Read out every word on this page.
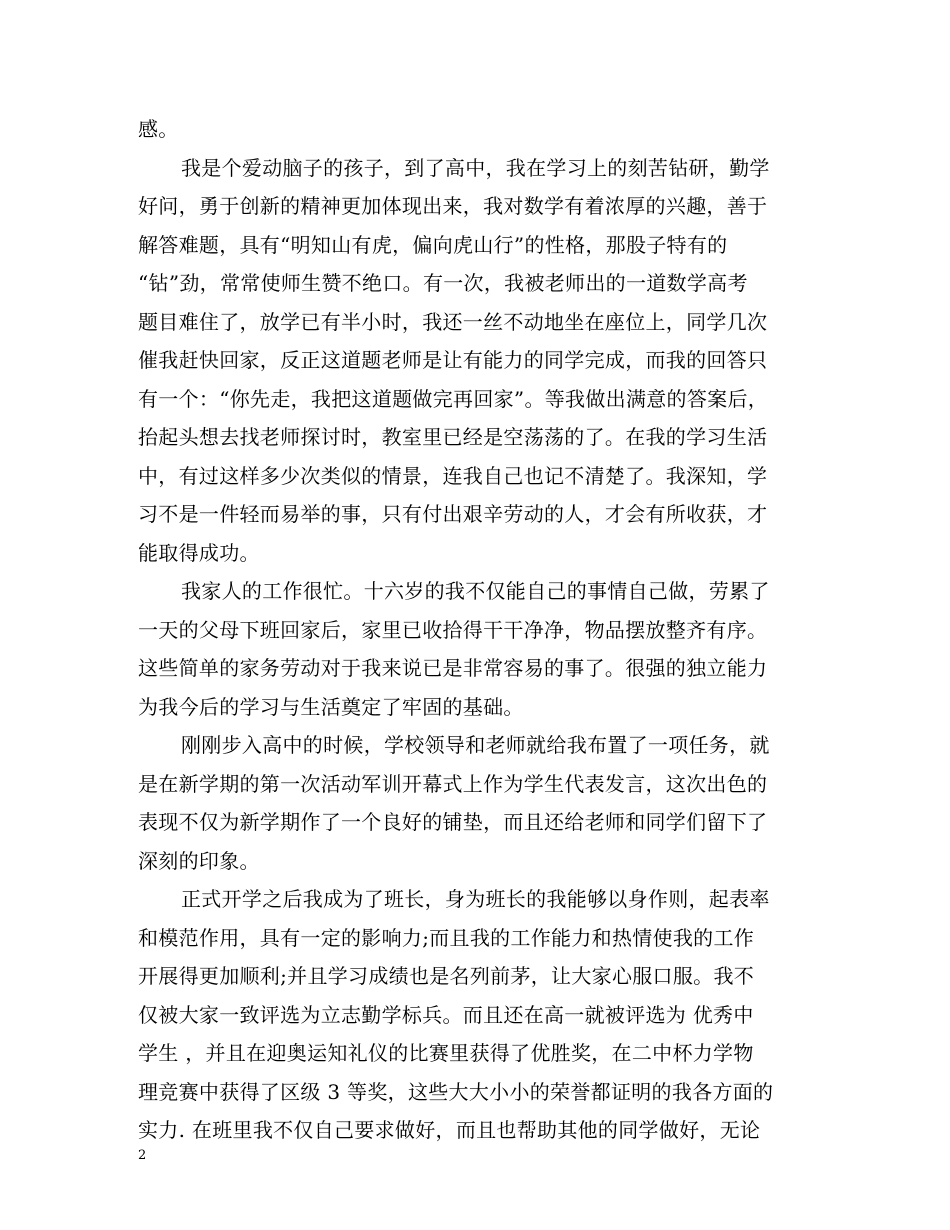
感。
我是个爱动脑子的孩子，到了高中，我在学习上的刻苦钻研，勤学
好问，勇于创新的精神更加体现出来，我对数学有着浓厚的兴趣，善于
解答难题，具有“明知山有虎，偏向虎山行”的性格，那股子特有的
“钻”劲，常常使师生赞不绝口。有一次，我被老师出的一道数学高考
题目难住了，放学已有半小时，我还一丝不动地坐在座位上，同学几次
催我赶快回家，反正这道题老师是让有能力的同学完成，而我的回答只
有一个：“你先走，我把这道题做完再回家”。等我做出满意的答案后，
抬起头想去找老师探讨时，教室里已经是空荡荡的了。在我的学习生活
中，有过这样多少次类似的情景，连我自己也记不清楚了。我深知，学
习不是一件轻而易举的事，只有付出艰辛劳动的人，才会有所收获，才
能取得成功。
我家人的工作很忙。十六岁的我不仅能自己的事情自己做，劳累了
一天的父母下班回家后，家里已收拾得干干净净，物品摆放整齐有序。
这些简单的家务劳动对于我来说已是非常容易的事了。很强的独立能力
为我今后的学习与生活奠定了牢固的基础。
刚刚步入高中的时候，学校领导和老师就给我布置了一项任务，就
是在新学期的第一次活动军训开幕式上作为学生代表发言，这次出色的
表现不仅为新学期作了一个良好的铺垫，而且还给老师和同学们留下了
深刻的印象。
正式开学之后我成为了班长，身为班长的我能够以身作则，起表率
和模范作用，具有一定的影响力;而且我的工作能力和热情使我的工作
开展得更加顺利;并且学习成绩也是名列前茅，让大家心服口服。我不
仅被大家一致评选为立志勤学标兵。而且还在高一就被评选为 优秀中
学生 ，并且在迎奥运知礼仪的比赛里获得了优胜奖，在二中杯力学物
理竞赛中获得了区级 3 等奖，这些大大小小的荣誉都证明的我各方面的
实力. 在班里我不仅自己要求做好，而且也帮助其他的同学做好，无论
2
